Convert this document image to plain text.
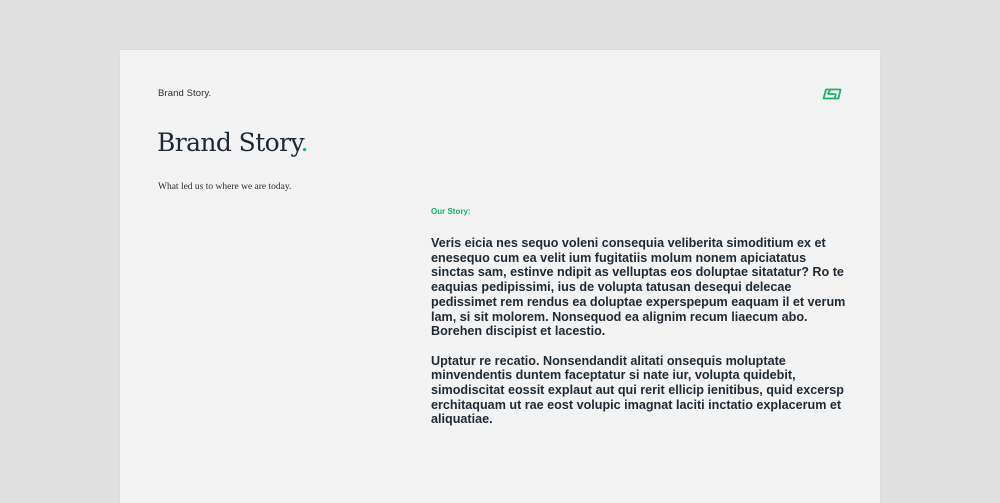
Brand Story.
Brand Story.

What led us to where we are today.

Our Story:

Veris eicia nes sequo voleni consequia veliberita simoditium ex et enesequo cum ea velit ium fugitatiis molum nonem apiciatatus sinctas sam, estinve ndipit as velluptas eos doluptae sitatatur? Ro te eaquias pedipissimi, ius de volupta tatusan desequi delecae pedissimet rem rendus ea doluptae experspерum eaquam il et verum lam, si sit molorem. Nonsequod ea alignim recum liaecum abo. Borehen discipist et lacestio.

Uptatur re recatio. Nonsendandit alitati onsequis moluptate minvendentis duntem faceptatur si nate iur, volupta quidebit, simodiscitat eossit explaut aut qui rerit ellicip ienitibus, quid excersp erchitaquam ut rae eost volupic imagnat laciti inctatio explacerum et aliquatiae.
